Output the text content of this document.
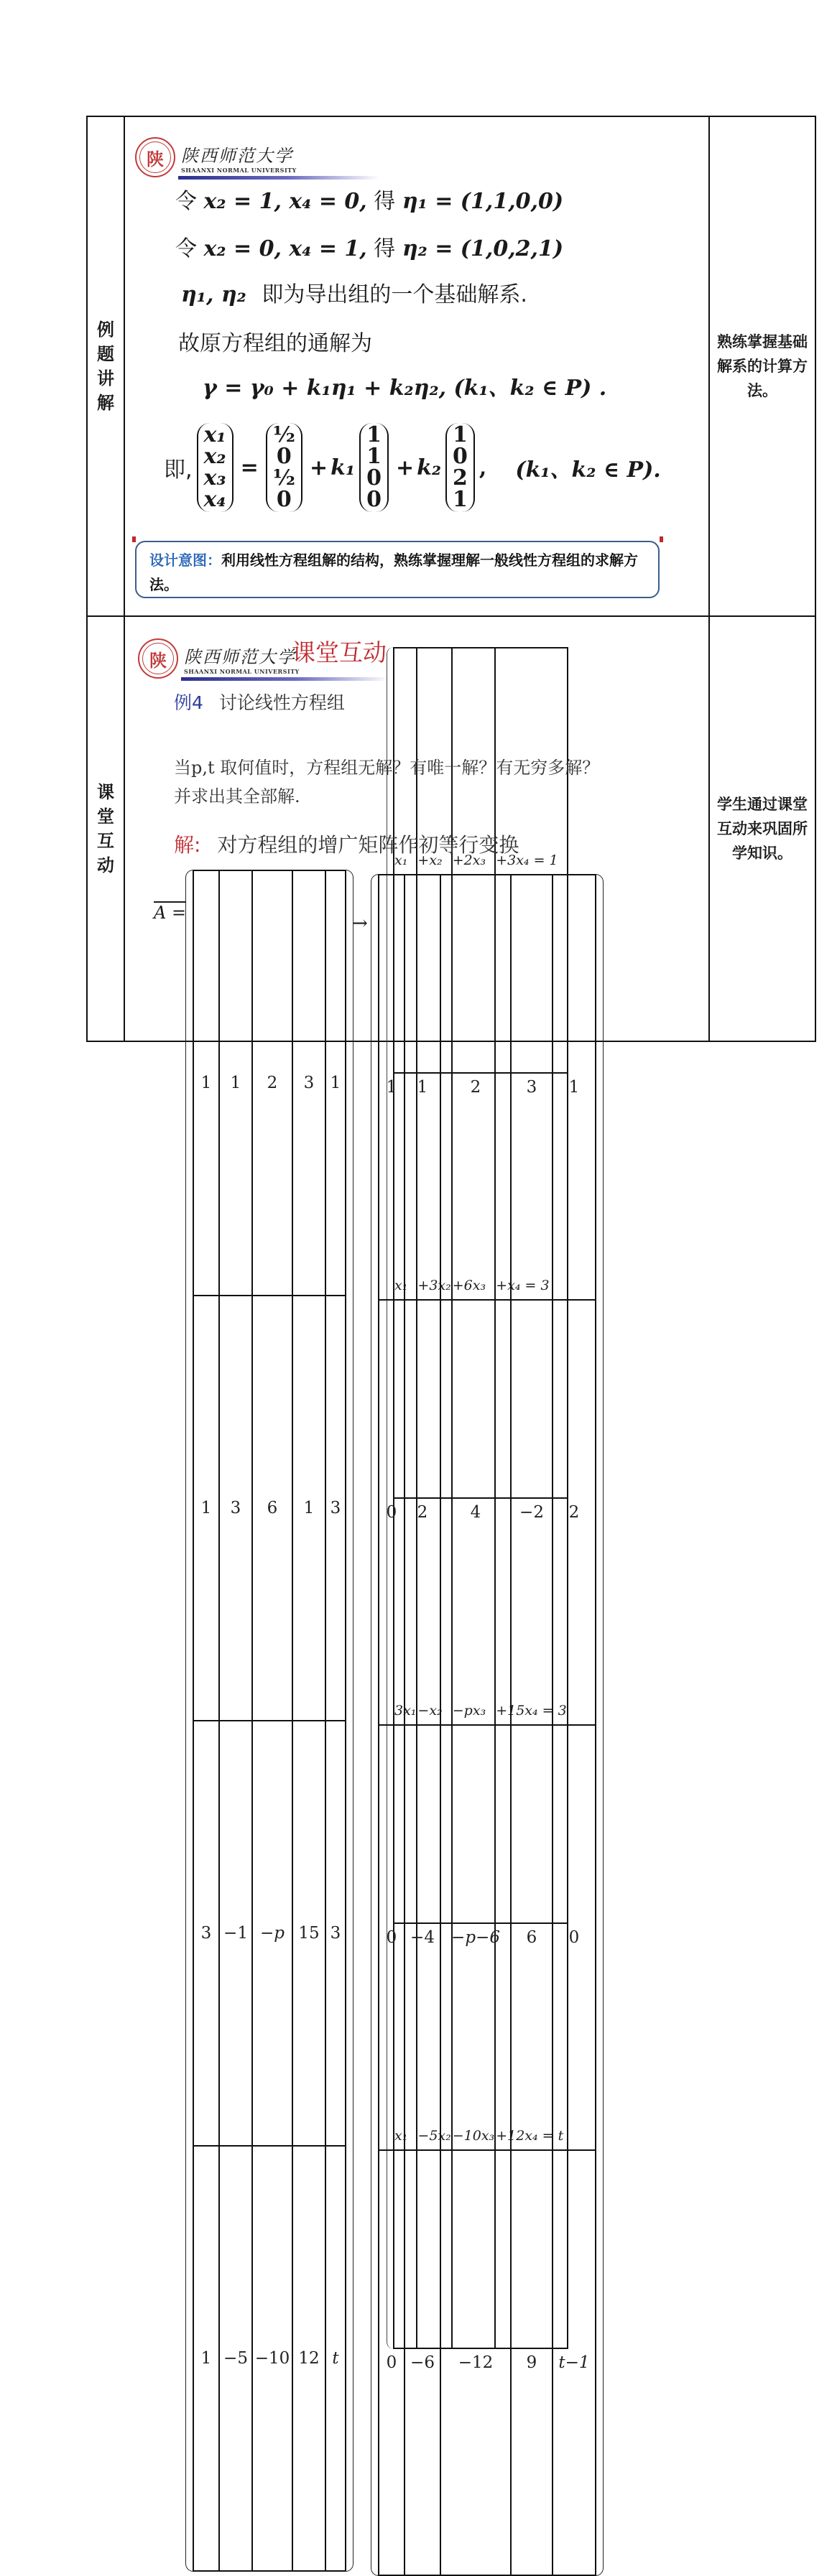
例
题
讲
解

陕 陕西师范大学
SHAANXI NORMAL UNIVERSITY
令 x₂ = 1, x₄ = 0, 得 η₁ = (1,1,0,0)
令 x₂ = 0, x₄ = 1, 得 η₂ = (1,0,2,1)
η₁, η₂ 即为导出组的一个基础解系.
故原方程组的通解为
γ = γ₀ + k₁η₁ + k₂η₂, (k₁、k₂ ∈ P) .
即,
x₁
x₂
x₃
x₄
=
½
0
½
0
+ k₁
1
1
0
0
+ k₂
1
0
2
1
, (k₁、k₂ ∈ P).
设计意图：利用线性方程组解的结构，熟练掌握理解一般线性方程组的求解方法。
	熟练掌握基础解系的计算方法。

课
堂
互
动

陕 陕西师范大学
SHAANXI NORMAL UNIVERSITY
课堂互动
例4 讨论线性方程组
x₁	+x₂	+2x₃	+3x₄ = 1
x₁	+3x₂	+6x₃	+x₄ = 3
3x₁	−x₂	−px₃	+15x₄ = 3
x₁	−5x₂	−10x₃	+12x₄ = t
当p,t 取何值时，方程组无解？有唯一解？有无穷多解？
并求出其全部解.
解: 对方程组的增广矩阵作初等行变换
A =
1	1	2	3	1
1	3	6	1	3
3	−1	−p	15	3
1	−5	−10	12	t
→
1	1	2	3	1
0	2	4	−2	2
0	−4	−p−6	6	0
0	−6	−12	9	t−1
	学生通过课堂互动来巩固所学知识。
